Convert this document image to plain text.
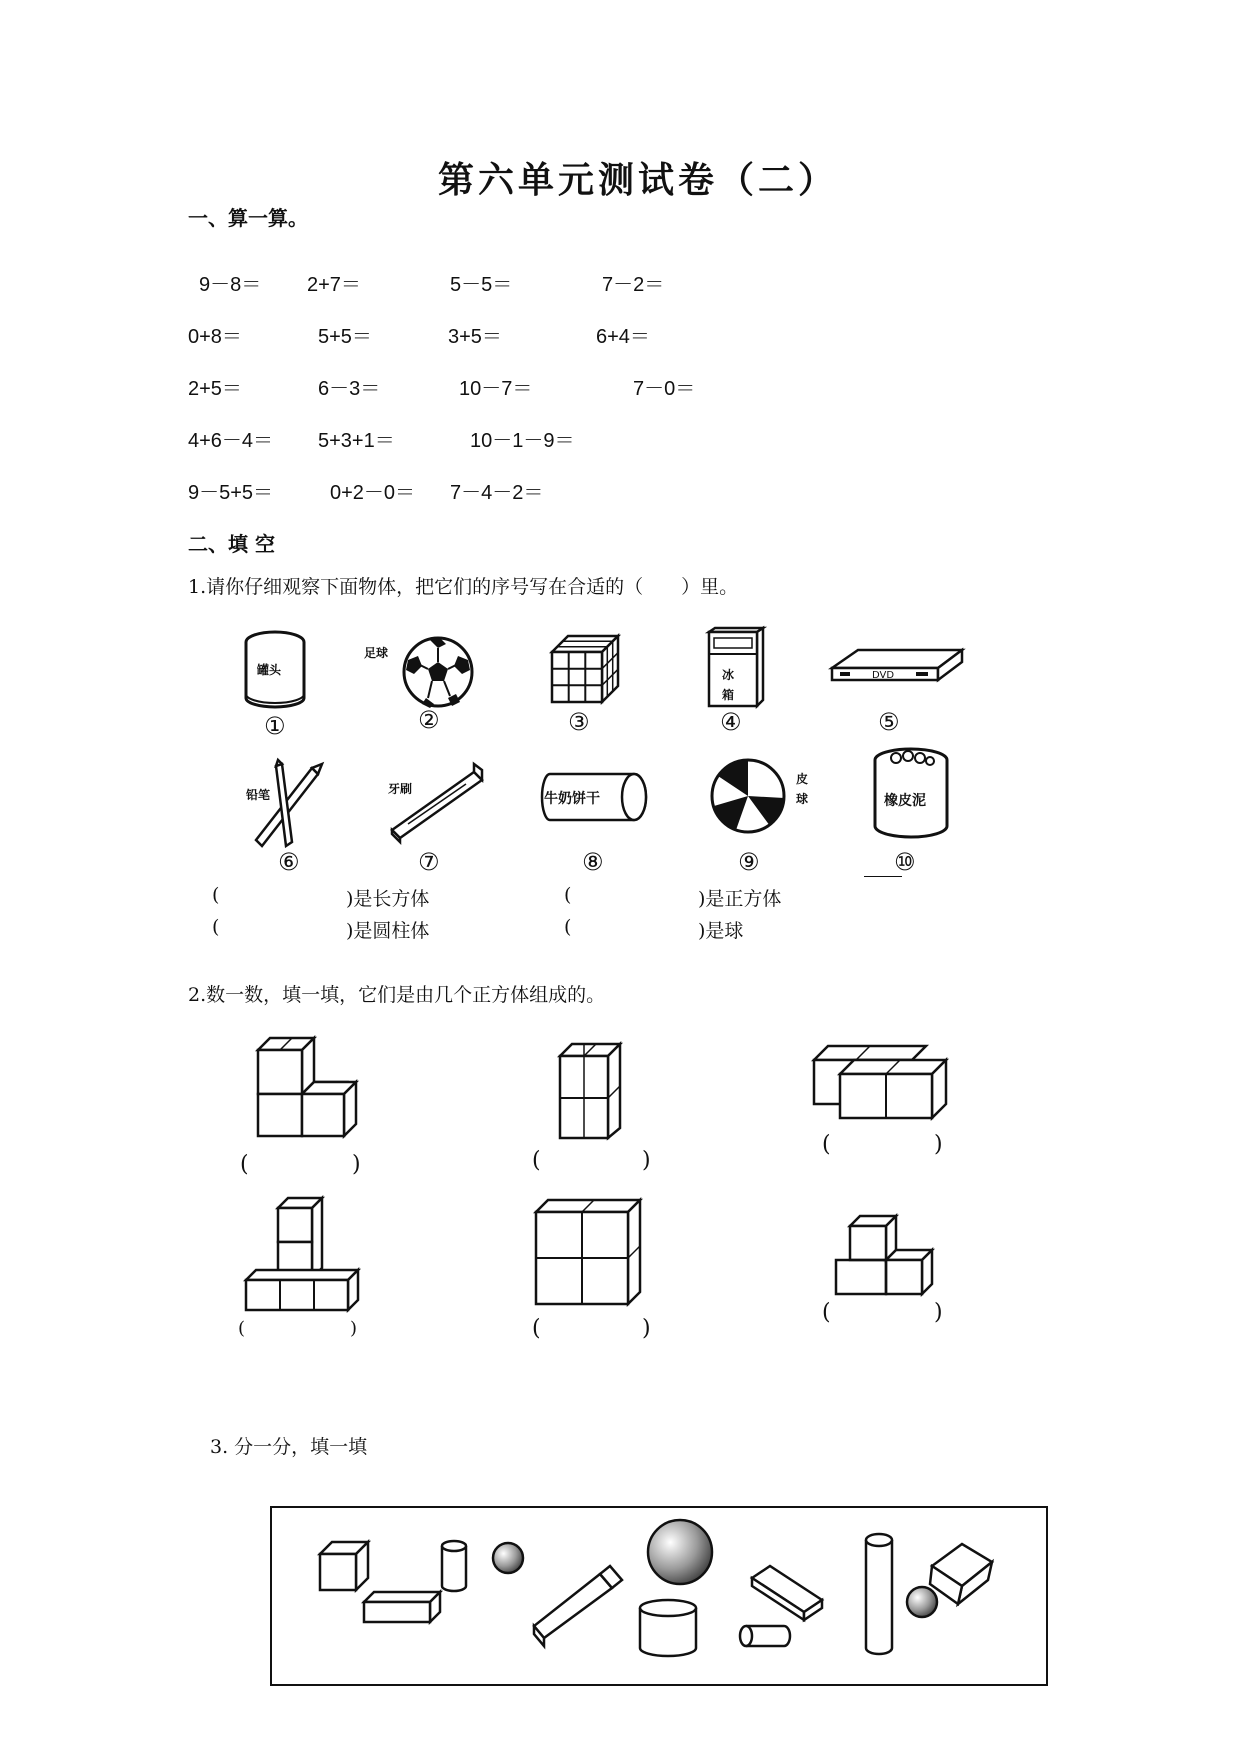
第六单元测试卷（二）
一、算一算。
9－8＝ 2+7＝	5－5＝	7－2＝
0+8＝	5+5＝	3+5＝	6+4＝
2+5＝	6－3＝	10－7＝	7－0＝
4+6－4＝ 5+3+1＝	10－1－9＝
9－5+5＝	0+2－0＝ 7－4－2＝
二、填 空
1.请你仔细观察下面物体，把它们的序号写在合适的（　　）里。
罐头
足球
冰
箱
DVD
①	②	③	④	⑤
铅笔	牙刷
牛奶饼干
皮
球	橡皮泥
⑥	⑦	⑧	⑨	⑩
(	)是长方体	(	)是正方体
(	)是圆柱体	(	)是球
2.数一数，填一填，它们是由几个正方体组成的。
(	)	(	)
(	)
(	)	(	)
(	)
3. 分一分，填一填
